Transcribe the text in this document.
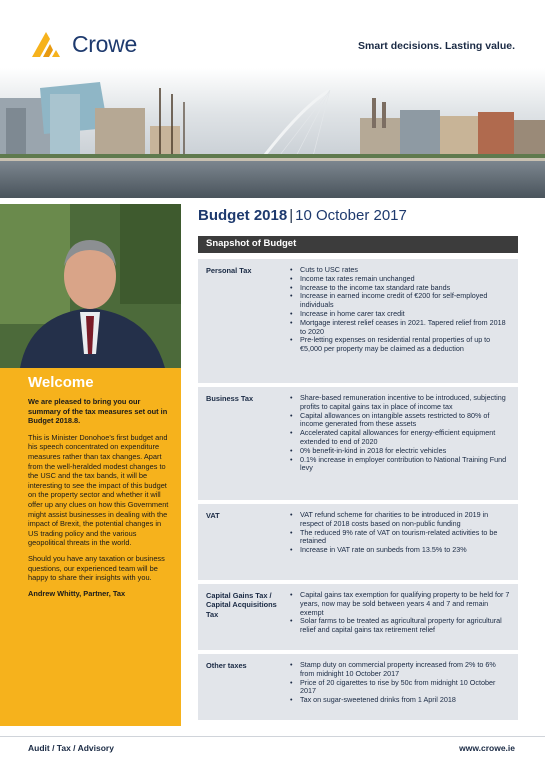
Crowe	Smart decisions. Lasting value.
Welcome
We are pleased to bring you our summary of the tax measures set out in Budget 2018.8.

This is Minister Donohoe's first budget and his speech concentrated on expenditure measures rather than tax changes. Apart from the well-heralded modest changes to the USC and the tax bands, it will be interesting to see the impact of this budget on the property sector and whether it will offer up any clues on how this Government might assist businesses in dealing with the impact of Brexit, the potential changes in US trading policy and the various geopolitical threats in the world.

Should you have any taxation or business questions, our experienced team will be happy to share their insights with you.

Andrew Whitty, Partner, Tax
Budget 2018 | 10 October 2017
Snapshot of Budget
Personal Tax	• Cuts to USC rates
• Income tax rates remain unchanged
• Increase to the income tax standard rate bands
• Increase in earned income credit of €200 for self-employed individuals
• Increase in home carer tax credit
• Mortgage interest relief ceases in 2021. Tapered relief from 2018 to 2020
• Pre-letting expenses on residential rental properties of up to €5,000 per property may be claimed as a deduction
Business Tax	• Share-based remuneration incentive to be introduced, subjecting profits to capital gains tax in place of income tax
• Capital allowances on intangible assets restricted to 80% of income generated from these assets
• Accelerated capital allowances for energy-efficient equipment extended to end of 2020
• 0% benefit-in-kind in 2018 for electric vehicles
• 0.1% increase in employer contribution to National Training Fund levy
VAT	• VAT refund scheme for charities to be introduced in 2019 in respect of 2018 costs based on non-public funding
• The reduced 9% rate of VAT on tourism-related activities to be retained
• Increase in VAT rate on sunbeds from 13.5% to 23%
Capital Gains Tax / Capital Acquisitions Tax
• Capital gains tax exemption for qualifying property to be held for 7 years, now may be sold between years 4 and 7 and remain exempt
• Solar farms to be treated as agricultural property for agricultural relief and capital gains tax retirement relief
Other taxes	• Stamp duty on commercial property increased from 2% to 6% from midnight 10 October 2017
• Price of 20 cigarettes to rise by 50c from midnight 10 October 2017
• Tax on sugar-sweetened drinks from 1 April 2018
Audit / Tax / Advisory	www.crowe.ie
